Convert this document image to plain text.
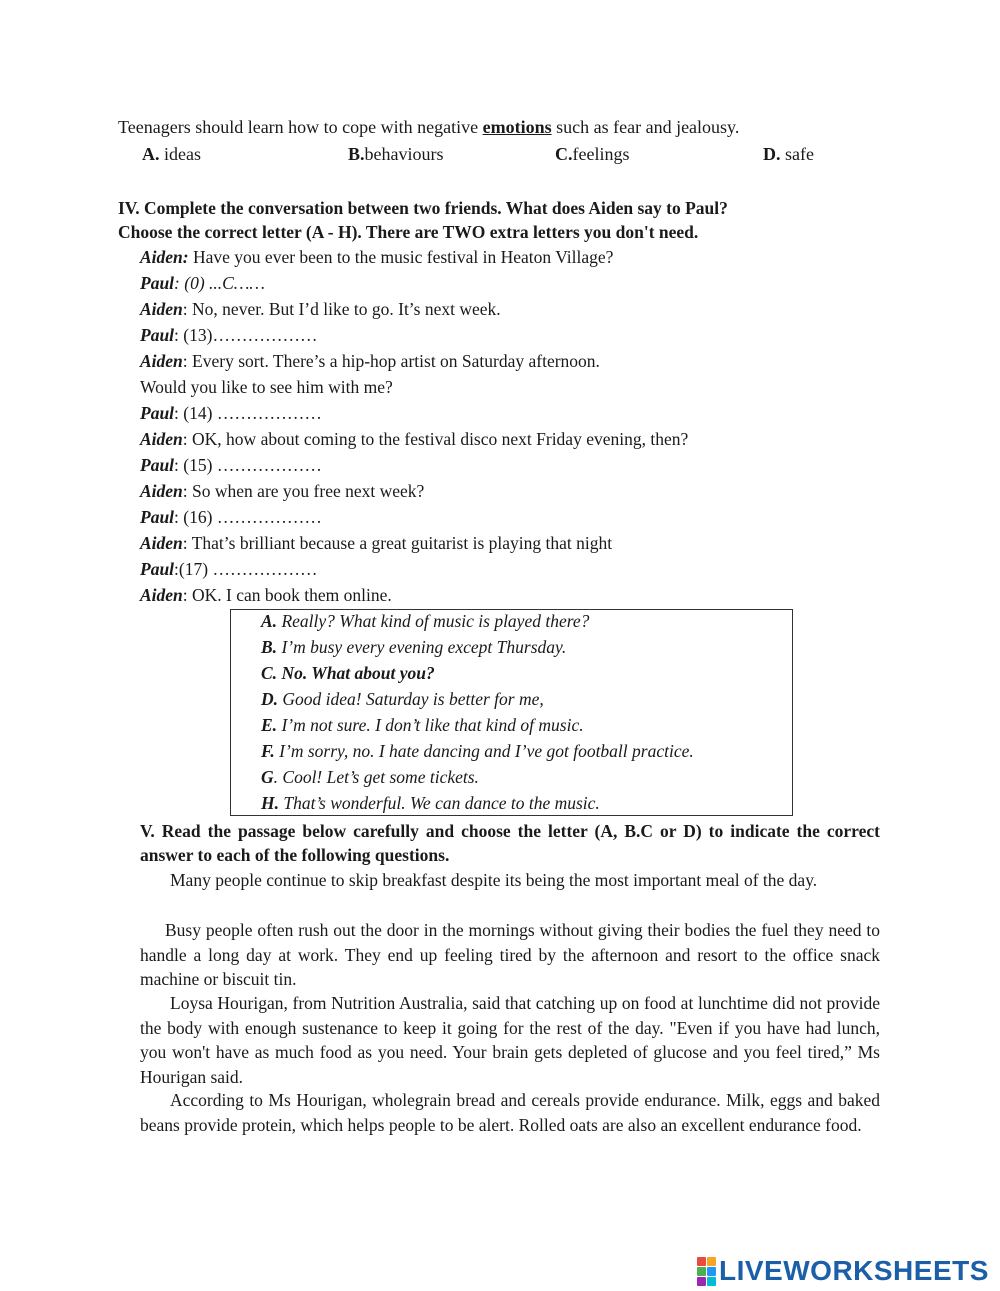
Teenagers should learn how to cope with negative emotions such as fear and jealousy.
A. ideas	B.behaviours	C.feelings	D. safe
IV. Complete the conversation between two friends. What does Aiden say to Paul?
Choose the correct letter (A - H). There are TWO extra letters you don't need.
Aiden: Have you ever been to the music festival in Heaton Village?
Paul: (0) ...C……
Aiden: No, never. But I’d like to go. It’s next week.
Paul: (13)………………
Aiden: Every sort. There’s a hip-hop artist on Saturday afternoon.
Would you like to see him with me?
Paul: (14) ………………
Aiden: OK, how about coming to the festival disco next Friday evening, then?
Paul: (15) ………………
Aiden: So when are you free next week?
Paul: (16) ………………
Aiden: That’s brilliant because a great guitarist is playing that night
Paul:(17) ………………
Aiden: OK. I can book them online.
A. Really? What kind of music is played there?
B. I’m busy every evening except Thursday.
C. No. What about you?
D. Good idea! Saturday is better for me,
E. I’m not sure. I don’t like that kind of music.
F. I’m sorry, no. I hate dancing and I’ve got football practice.
G. Cool! Let’s get some tickets.
H. That’s wonderful. We can dance to the music.
V. Read the passage below carefully and choose the letter (A, B.C or D) to indicate the correct answer to each of the following questions.
Many people continue to skip breakfast despite its being the most important meal of the day.
Busy people often rush out the door in the mornings without giving their bodies the fuel they need to handle a long day at work. They end up feeling tired by the afternoon and resort to the office snack machine or biscuit tin.
Loysa Hourigan, from Nutrition Australia, said that catching up on food at lunchtime did not provide the body with enough sustenance to keep it going for the rest of the day. "Even if you have had lunch, you won't have as much food as you need. Your brain gets depleted of glucose and you feel tired,” Ms Hourigan said.
According to Ms Hourigan, wholegrain bread and cereals provide endurance. Milk, eggs and baked beans provide protein, which helps people to be alert. Rolled oats are also an excellent endurance food.
LIVEWORKSHEETS
